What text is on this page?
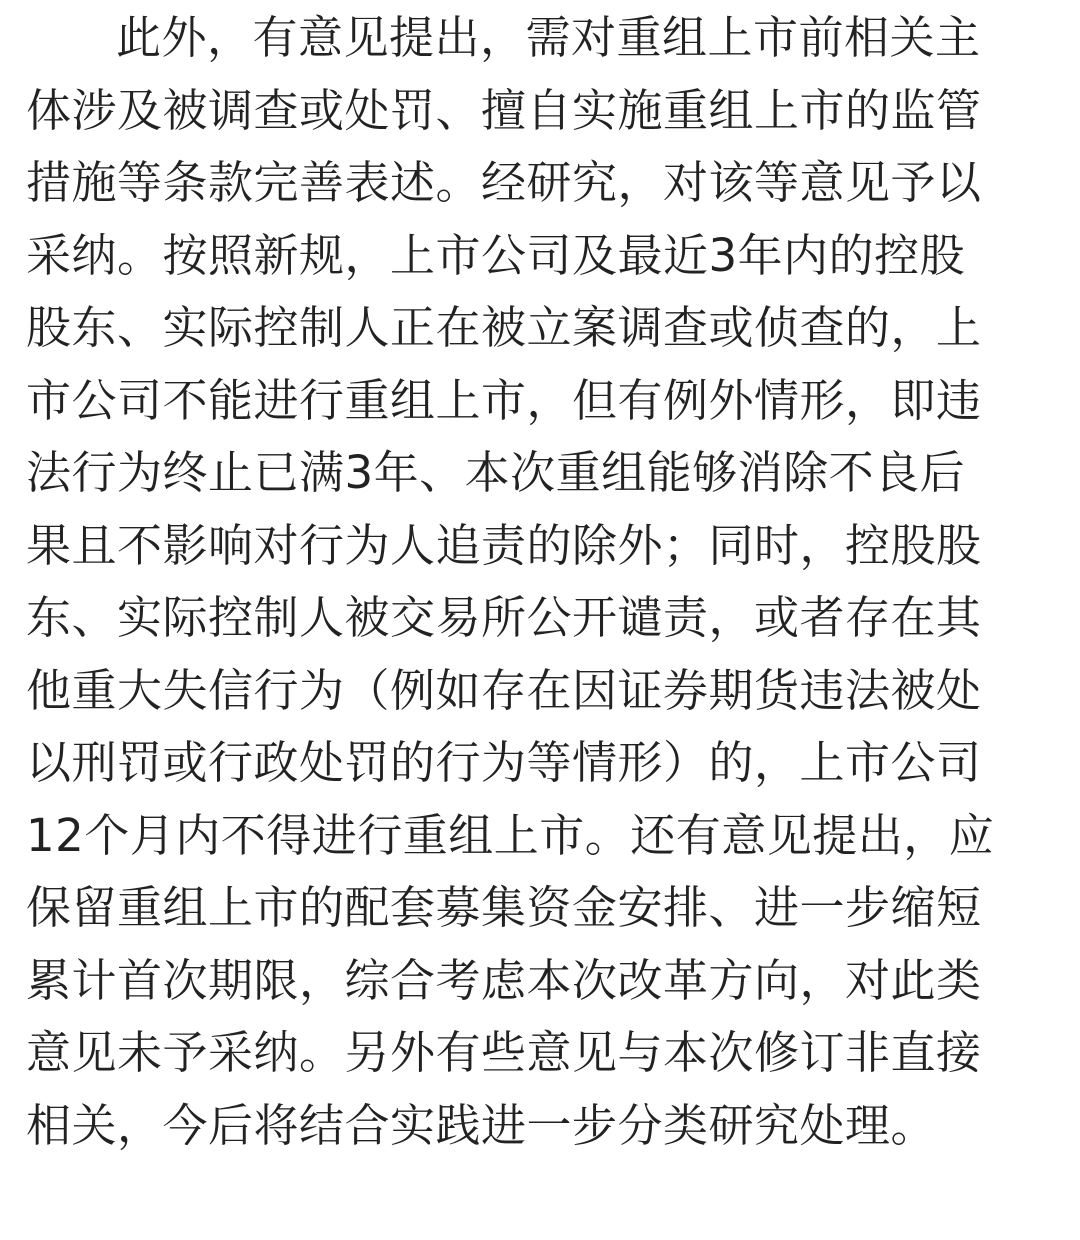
此外，有意见提出，需对重组上市前相关主
体涉及被调查或处罚、擅自实施重组上市的监管
措施等条款完善表述。经研究，对该等意见予以
采纳。按照新规，上市公司及最近3年内的控股
股东、实际控制人正在被立案调查或侦查的，上
市公司不能进行重组上市，但有例外情形，即违
法行为终止已满3年、本次重组能够消除不良后
果且不影响对行为人追责的除外；同时，控股股
东、实际控制人被交易所公开谴责，或者存在其
他重大失信行为（例如存在因证券期货违法被处
以刑罚或行政处罚的行为等情形）的，上市公司
12个月内不得进行重组上市。还有意见提出，应
保留重组上市的配套募集资金安排、进一步缩短
累计首次期限，综合考虑本次改革方向，对此类
意见未予采纳。另外有些意见与本次修订非直接
相关，今后将结合实践进一步分类研究处理。
